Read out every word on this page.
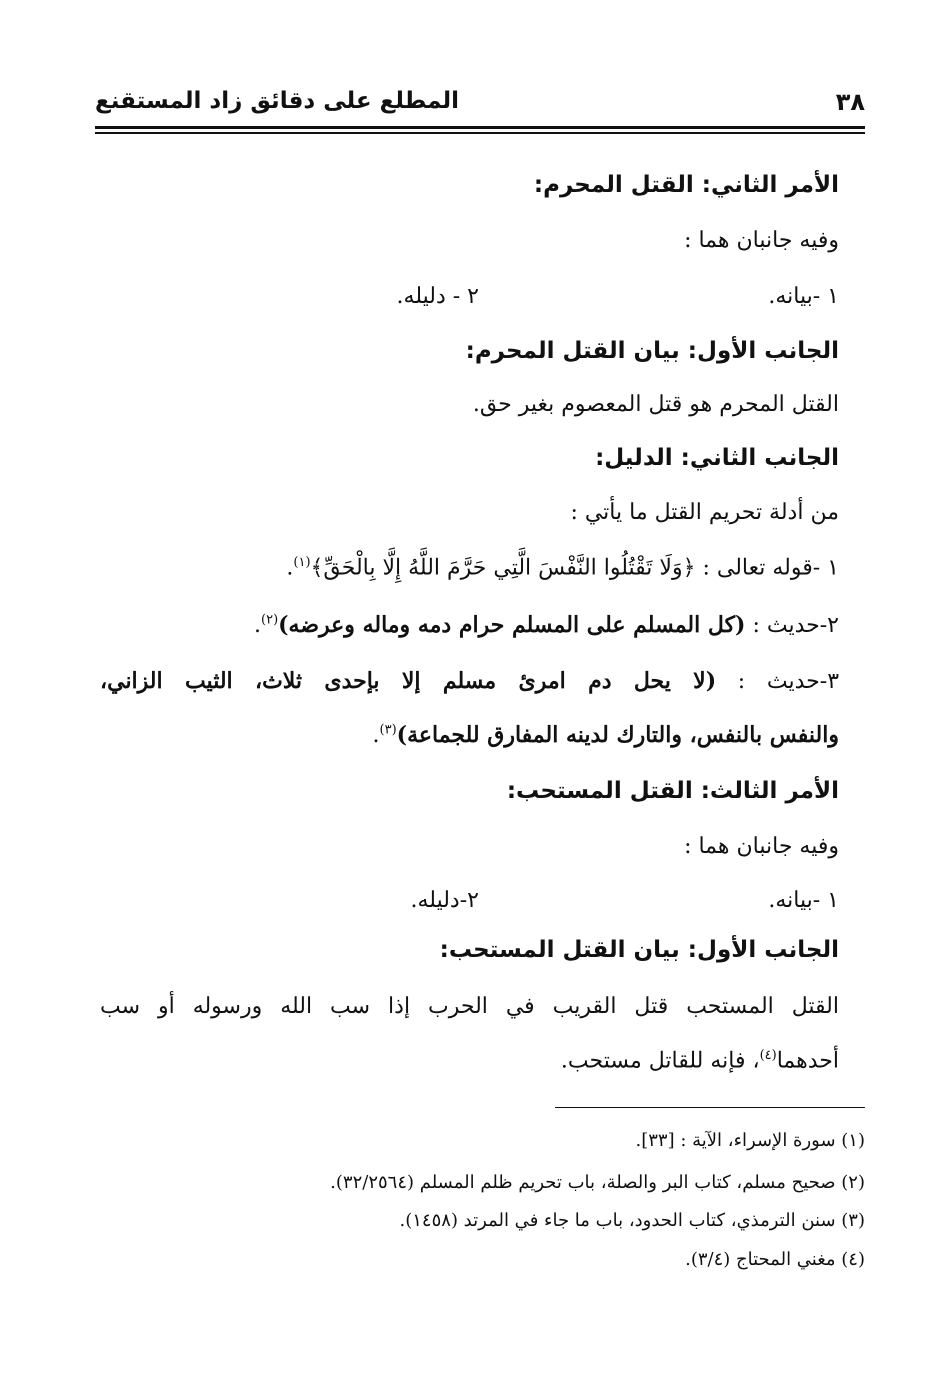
٣٨
المطلع على دقائق زاد المستقنع
الأمر الثاني: القتل المحرم:
وفيه جانبان هما :
١ -بيانه.
٢ - دليله.
الجانب الأول: بيان القتل المحرم:
القتل المحرم هو قتل المعصوم بغير حق.
الجانب الثاني: الدليل:
من أدلة تحريم القتل ما يأتي :
١ -قوله تعالى : ﴿وَلَا تَقْتُلُوا النَّفْسَ الَّتِي حَرَّمَ اللَّهُ إِلَّا بِالْحَقِّ﴾$^{(١)}$.
٢-حديث : (كل المسلم على المسلم حرام دمه وماله وعرضه)$^{(٢)}$.
٣-حديث : (لا يحل دم امرئ مسلم إلا بإحدى ثلاث، الثيب الزاني،
والنفس بالنفس، والتارك لدينه المفارق للجماعة)$^{(٣)}$.
الأمر الثالث: القتل المستحب:
وفيه جانبان هما :
١ -بيانه.
٢-دليله.
الجانب الأول: بيان القتل المستحب:
القتل المستحب قتل القريب في الحرب إذا سب الله ورسوله أو سب
أحدهما$^{(٤)}$، فإنه للقاتل مستحب.
(١) سورة الإسراء، الآية : [٣٣].
(٢) صحيح مسلم، كتاب البر والصلة، باب تحريم ظلم المسلم (٣٢/٢٥٦٤).
(٣) سنن الترمذي، كتاب الحدود، باب ما جاء في المرتد (١٤٥٨).
(٤) مغني المحتاج (٣/٤).
